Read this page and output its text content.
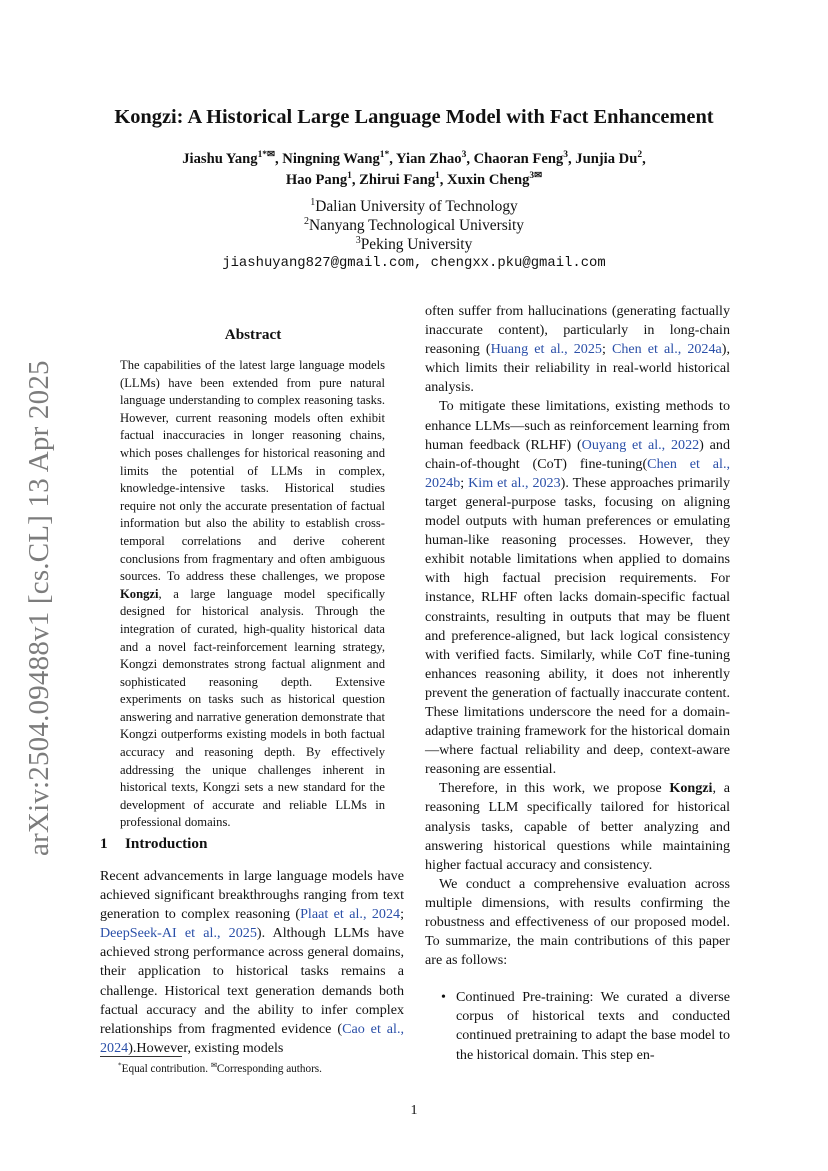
arXiv:2504.09488v1 [cs.CL] 13 Apr 2025
Kongzi: A Historical Large Language Model with Fact Enhancement
Jiashu Yang$^{1*✉}$, Ningning Wang$^{1*}$, Yian Zhao$^3$, Chaoran Feng$^3$, Junjia Du$^2$,
Hao Pang$^1$, Zhirui Fang$^1$, Xuxin Cheng$^{3✉}$
$^1$Dalian University of Technology
$^2$Nanyang Technological University
$^3$Peking University
jiashuyang827@gmail.com, chengxx.pku@gmail.com
Abstract
The capabilities of the latest large language models (LLMs) have been extended from pure natural language understanding to complex reasoning tasks. However, current reasoning models often exhibit factual inaccuracies in longer reasoning chains, which poses challenges for historical reasoning and limits the potential of LLMs in complex, knowledge-intensive tasks. Historical studies require not only the accurate presentation of factual information but also the ability to establish cross-temporal correlations and derive coherent conclusions from fragmentary and often ambiguous sources. To address these challenges, we propose Kongzi, a large language model specifically designed for historical analysis. Through the integration of curated, high-quality historical data and a novel fact-reinforcement learning strategy, Kongzi demonstrates strong factual alignment and sophisticated reasoning depth. Extensive experiments on tasks such as historical question answering and narrative generation demonstrate that Kongzi outperforms existing models in both factual accuracy and reasoning depth. By effectively addressing the unique challenges inherent in historical texts, Kongzi sets a new standard for the development of accurate and reliable LLMs in professional domains.
1 Introduction
Recent advancements in large language models have achieved significant breakthroughs ranging from text generation to complex reasoning (Plaat et al., 2024; DeepSeek-AI et al., 2025). Although LLMs have achieved strong performance across general domains, their application to historical tasks remains a challenge. Historical text generation demands both factual accuracy and the ability to infer complex relationships from fragmented evidence (Cao et al., 2024).However, existing models

often suffer from hallucinations (generating factually inaccurate content), particularly in long-chain reasoning (Huang et al., 2025; Chen et al., 2024a), which limits their reliability in real-world historical analysis.

To mitigate these limitations, existing methods to enhance LLMs—such as reinforcement learning from human feedback (RLHF) (Ouyang et al., 2022) and chain-of-thought (CoT) fine-tuning(Chen et al., 2024b; Kim et al., 2023). These approaches primarily target general-purpose tasks, focusing on aligning model outputs with human preferences or emulating human-like reasoning processes. However, they exhibit notable limitations when applied to domains with high factual precision requirements. For instance, RLHF often lacks domain-specific factual constraints, resulting in outputs that may be fluent and preference-aligned, but lack logical consistency with verified facts. Similarly, while CoT fine-tuning enhances reasoning ability, it does not inherently prevent the generation of factually inaccurate content. These limitations underscore the need for a domain-adaptive training framework for the historical domain—where factual reliability and deep, context-aware reasoning are essential.

Therefore, in this work, we propose Kongzi, a reasoning LLM specifically tailored for historical analysis tasks, capable of better analyzing and answering historical questions while maintaining higher factual accuracy and consistency.

We conduct a comprehensive evaluation across multiple dimensions, with results confirming the robustness and effectiveness of our proposed model. To summarize, the main contributions of this paper are as follows:

• Continued Pre-training: We curated a diverse corpus of historical texts and conducted continued pretraining to adapt the base model to the historical domain. This step en-
*Equal contribution. ✉Corresponding authors.
1
